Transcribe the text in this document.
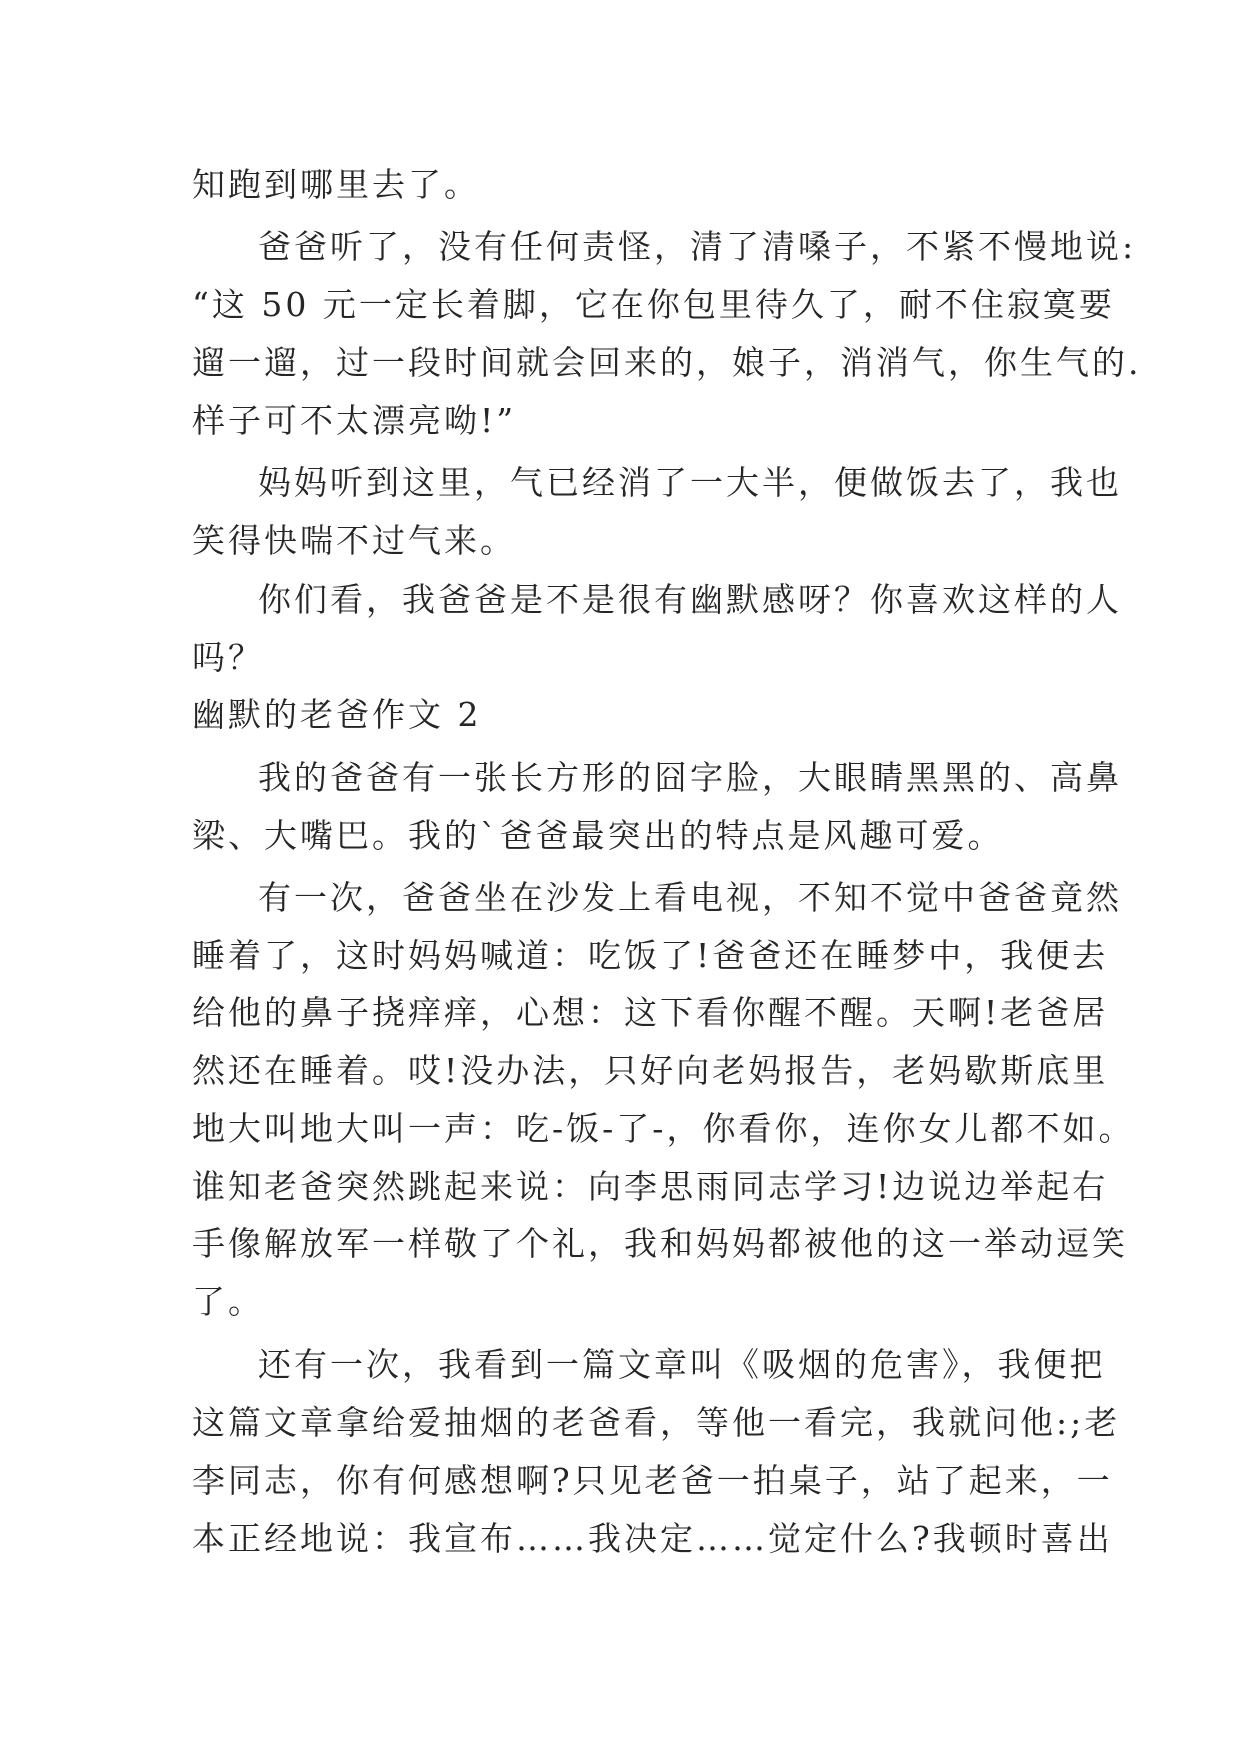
知跑到哪里去了。

爸爸听了，没有任何责怪，清了清嗓子，不紧不慢地说:

“这 50 元一定长着脚，它在你包里待久了，耐不住寂寞要

遛一遛，过一段时间就会回来的，娘子，消消气，你生气的.

样子可不太漂亮呦!”

妈妈听到这里，气已经消了一大半，便做饭去了，我也

笑得快喘不过气来。

你们看，我爸爸是不是很有幽默感呀？你喜欢这样的人

吗？

幽默的老爸作文 2

我的爸爸有一张长方形的囧字脸，大眼睛黑黑的、高鼻

梁、大嘴巴。我的`爸爸最突出的特点是风趣可爱。

有一次，爸爸坐在沙发上看电视，不知不觉中爸爸竟然

睡着了，这时妈妈喊道：吃饭了!爸爸还在睡梦中，我便去

给他的鼻子挠痒痒，心想：这下看你醒不醒。天啊!老爸居

然还在睡着。哎!没办法，只好向老妈报告，老妈歇斯底里

地大叫地大叫一声：吃-饭-了-，你看你，连你女儿都不如。

谁知老爸突然跳起来说：向李思雨同志学习!边说边举起右

手像解放军一样敬了个礼，我和妈妈都被他的这一举动逗笑

了。

还有一次，我看到一篇文章叫《吸烟的危害》，我便把

这篇文章拿给爱抽烟的老爸看，等他一看完，我就问他:;老

李同志，你有何感想啊?只见老爸一拍桌子，站了起来，一

本正经地说：我宣布……我决定……觉定什么?我顿时喜出
